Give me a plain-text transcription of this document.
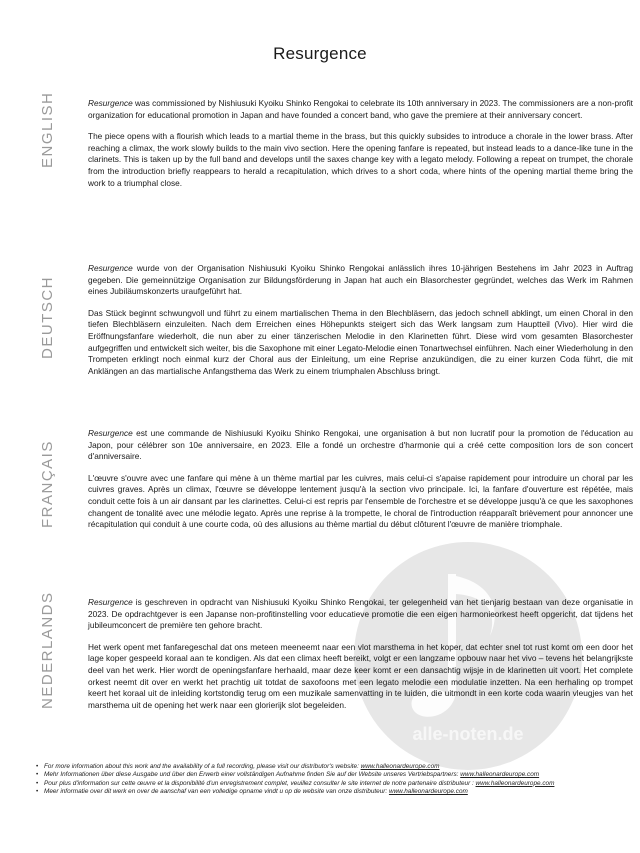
Resurgence
alle-noten.de
ENGLISH	Resurgence was commissioned by Nishiusuki Kyoiku Shinko Rengokai to celebrate its 10th anniversary in 2023. The commissioners are a non-profit organization for educational promotion in Japan and have founded a concert band, who gave the premiere at their anniversary concert.

The piece opens with a flourish which leads to a martial theme in the brass, but this quickly subsides to introduce a chorale in the lower brass. After reaching a climax, the work slowly builds to the main vivo section. Here the opening fanfare is repeated, but instead leads to a dance-like tune in the clarinets. This is taken up by the full band and develops until the saxes change key with a legato melody. Following a repeat on trumpet, the chorale from the introduction briefly reappears to herald a recapitulation, which drives to a short coda, where hints of the opening martial theme bring the work to a triumphal close.

DEUTSCH

Resurgence wurde von der Organisation Nishiusuki Kyoiku Shinko Rengokai anlässlich ihres 10-jährigen Bestehens im Jahr 2023 in Auftrag gegeben. Die gemeinnützige Organisation zur Bildungsförderung in Japan hat auch ein Blasorchester gegründet, welches das Werk im Rahmen eines Jubiläumskonzerts uraufgeführt hat.

Das Stück beginnt schwungvoll und führt zu einem martialischen Thema in den Blechbläsern, das jedoch schnell abklingt, um einen Choral in den tiefen Blechbläsern einzuleiten. Nach dem Erreichen eines Höhepunkts steigert sich das Werk langsam zum Hauptteil (Vivo). Hier wird die Eröffnungsfanfare wiederholt, die nun aber zu einer tänzerischen Melodie in den Klarinetten führt. Diese wird vom gesamten Blasorchester aufgegriffen und entwickelt sich weiter, bis die Saxophone mit einer Legato-Melodie einen Tonartwechsel einführen. Nach einer Wiederholung in den Trompeten erklingt noch einmal kurz der Choral aus der Einleitung, um eine Reprise anzukündigen, die zu einer kurzen Coda führt, die mit Anklängen an das martialische Anfangsthema das Werk zu einem triumphalen Abschluss bringt.

FRANÇAIS

Resurgence est une commande de Nishiusuki Kyoiku Shinko Rengokai, une organisation à but non lucratif pour la promotion de l'éducation au Japon, pour célébrer son 10e anniversaire, en 2023. Elle a fondé un orchestre d'harmonie qui a créé cette composition lors de son concert d'anniversaire.

L'œuvre s'ouvre avec une fanfare qui mène à un thème martial par les cuivres, mais celui-ci s'apaise rapidement pour introduire un choral par les cuivres graves. Après un climax, l'œuvre se développe lentement jusqu'à la section vivo principale. Ici, la fanfare d'ouverture est répétée, mais conduit cette fois à un air dansant par les clarinettes. Celui-ci est repris par l'ensemble de l'orchestre et se développe jusqu'à ce que les saxophones changent de tonalité avec une mélodie legato. Après une reprise à la trompette, le choral de l'introduction réapparaît brièvement pour annoncer une récapitulation qui conduit à une courte coda, où des allusions au thème martial du début clôturent l'œuvre de manière triomphale.

NEDERLANDS	Resurgence is geschreven in opdracht van Nishiusuki Kyoiku Shinko Rengokai, ter gelegenheid van het tienjarig bestaan van deze organisatie in 2023. De opdrachtgever is een Japanse non-profitinstelling voor educatieve promotie die een eigen harmonieorkest heeft opgericht, dat tijdens het jubileumconcert de première ten gehore bracht.

Het werk opent met fanfaregeschal dat ons meteen meeneemt naar een vlot marsthema in het koper, dat echter snel tot rust komt om een door het lage koper gespeeld koraal aan te kondigen. Als dat een climax heeft bereikt, volgt er een langzame opbouw naar het vivo – tevens het belangrijkste deel van het werk. Hier wordt de openingsfanfare herhaald, maar deze keer komt er een dansachtig wijsje in de klarinetten uit voort. Het complete orkest neemt dit over en werkt het prachtig uit totdat de saxofoons met een legato melodie een modulatie inzetten. Na een herhaling op trompet keert het koraal uit de inleiding kortstondig terug om een muzikale samenvatting in te luiden, die uitmondt in een korte coda waarin vleugjes van het marsthema uit de opening het werk naar een glorierijk slot begeleiden.

• For more information about this work and the availability of a full recording, please visit our distributor's website: www.halleonardeurope.com
• Mehr Informationen über diese Ausgabe und über den Erwerb einer vollständigen Aufnahme finden Sie auf der Website unseres Vertriebspartners: www.halleonardeurope.com
• Pour plus d'information sur cette œuvre et la disponibilité d'un enregistrement complet, veuillez consulter le site internet de notre partenaire distributeur : www.halleonardeurope.com
• Meer informatie over dit werk en over de aanschaf van een volledige opname vindt u op de website van onze distributeur: www.halleonardeurope.com
